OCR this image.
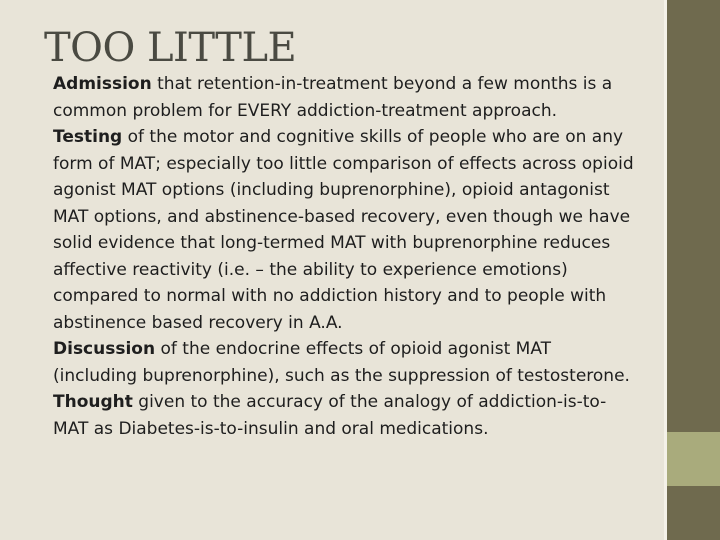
TOO LITTLE
Admission that retention-in-treatment beyond a few months is a common problem for EVERY addiction-treatment approach.
Testing of the motor and cognitive skills of people who are on any form of MAT; especially too little comparison of effects across opioid agonist MAT options (including buprenorphine), opioid antagonist MAT options, and abstinence-based recovery, even though we have solid evidence that long-termed MAT with buprenorphine reduces affective reactivity (i.e. – the ability to experience emotions) compared to normal with no addiction history and to people with abstinence based recovery in A.A.
Discussion of the endocrine effects of opioid agonist MAT (including buprenorphine), such as the suppression of testosterone.
Thought given to the accuracy of the analogy of addiction-is-to-MAT as Diabetes-is-to-insulin and oral medications.
